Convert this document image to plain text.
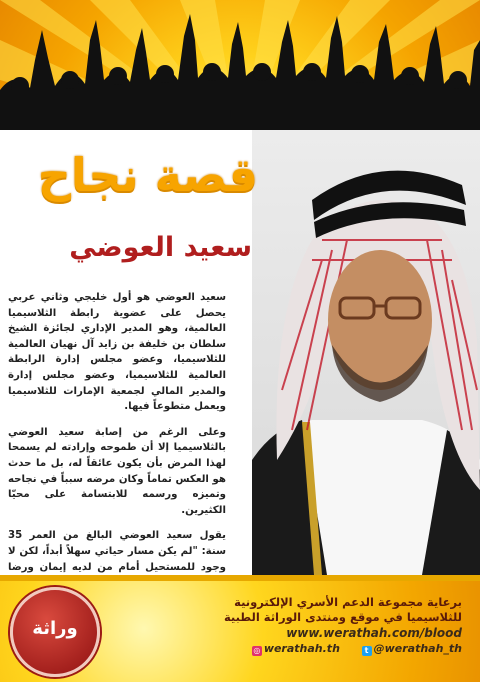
قصة نجاح
سعيد العوضي

سعيد العوضي هو أول خليجي وثاني عربي يحصل على عضوية رابطة الثلاسيميا العالمية، وهو المدير الإداري لجائزة الشيخ سلطان بن خليفة بن زايد آل نهيان العالمية للثلاسيميا، وعضو مجلس إدارة الرابطة العالمية للثلاسيميا، وعضو مجلس إدارة والمدير المالي لجمعية الإمارات للثلاسيميا ويعمل متطوعاً فيها.

وعلى الرغم من إصابة سعيد العوضي بالثلاسيميا إلا أن طموحه وإرادته لم يسمحا لهذا المرض بأن يكون عائقاً له، بل ما حدث هو العكس تماماً وكان مرضه سبباً في نجاحه وتميزه ورسمه للابتسامة على محيّا الكثيرين.

يقول سعيد العوضي البالغ من العمر 35 سنة: "لم يكن مسار حياتي سهلاً أبداً، لكن لا وجود للمستحيل أمام من لديه إيمان ورضا

وراثة
برعاية مجموعة الدعم الأسري الإلكترونية
للثلاسيميا في موقع ومنتدى الوراثة الطبية
www.werathah.com/blood
◎ werathah.th	t @werathah_th
